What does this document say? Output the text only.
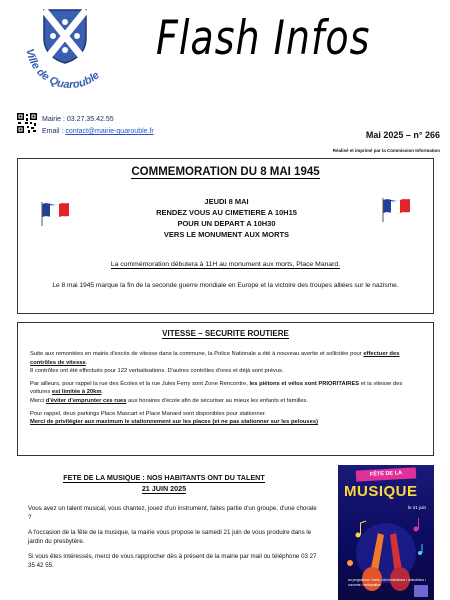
Ville de Quarouble
Flash Infos
Mairie : 03.27.35.42.55
Email : contact@mairie-quarouble.fr	Mai 2025 – n° 266
Réalisé et imprimé par la Commission Information
COMMEMORATION DU 8 MAI 1945
JEUDI 8 MAI
RENDEZ VOUS AU CIMETIERE A 10H15
POUR UN DEPART A 10H30
VERS LE MONUMENT AUX MORTS
La commémoration débutera à 11H au monument aux morts, Place Manard.
Le 8 mai 1945 marque la fin de la seconde guerre mondiale en Europe et la victoire des troupes alliées sur le nazisme.
VITESSE – SECURITE ROUTIERE

Suite aux remontées en mairie d'excès de vitesse dans la commune, la Police Nationale a été à nouveau avertie et sollicitée pour effectuer des contrôles de vitesse.
8 contrôles ont été effectués pour 122 verbalisations. D'autres contrôles d'ores et déjà sont prévus.

Par ailleurs, pour rappel la rue des Écoles et la rue Jules Ferry sont Zone Rencontre, les piétons et vélos sont PRIORITAIRES et la vitesse des voitures est limitée à 20km.
Merci d'éviter d'emprunter ces rues aux horaires d'école afin de sécuriser au mieux les enfants et familles.

Pour rappel, deux parkings Place Mascart et Place Manard sont disponibles pour stationner.
Merci de privilégier aux maximum le stationnement sur les places (et ne pas stationner sur les pelouses)

FETE DE LA MUSIQUE : NOS HABITANTS ONT DU TALENT
21 JUIN 2025

Vous avez un talent musical, vous chantez, jouez d'un instrument, faites partie d'un groupe, d'une chorale ?

A l'occasion de la fête de la musique, la mairie vous propose le samedi 21 juin de vous produire dans le jardin du presbytère.

Si vous êtes intéressés, merci de vous rapprocher dès à présent de la mairie par mail ou téléphone 03 27 35 42 55.

FÊTE DE LA
MUSIQUE
le 21 juin
au programme • karts • démonstrations • animations • concerts • restauration
